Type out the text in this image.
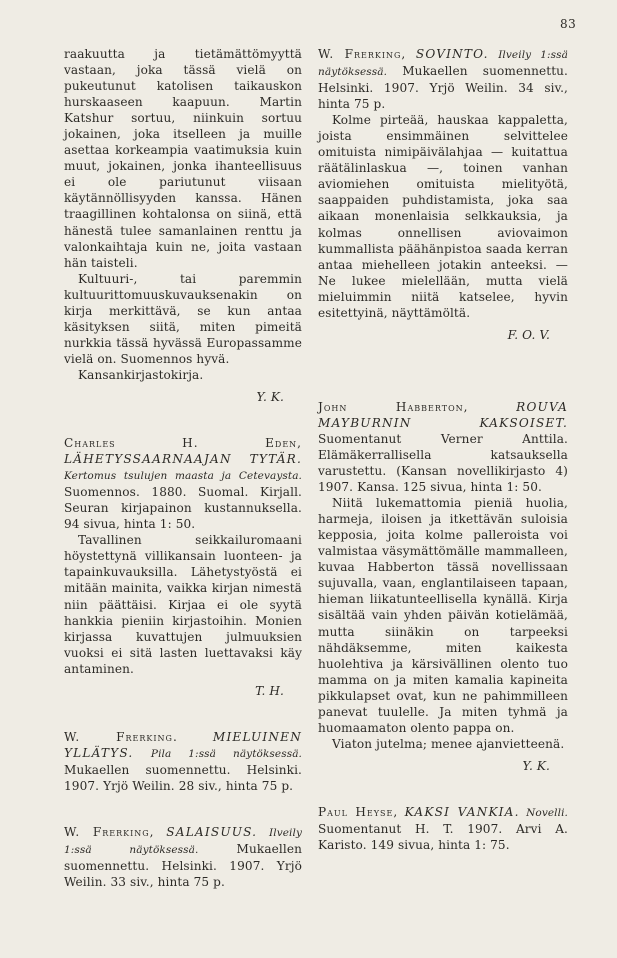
83

raakuutta ja tietämättömyyttä vastaan, joka tässä vielä on pukeutunut katolisen taikauskon hurskaaseen kaapuun. Martin Katshur sortuu, niinkuin sortuu jokainen, joka itselleen ja muille asettaa korkeampia vaatimuksia kuin muut, jokainen, jonka ihanteellisuus ei ole pariutunut viisaan käytännöllisyyden kanssa. Hänen traagillinen kohtalonsa on siinä, että hänestä tulee samanlainen renttu ja valonkaihtaja kuin ne, joita vastaan hän taisteli.

Kultuuri-, tai paremmin kultuurittomuuskuvauksenakin on kirja merkittävä, se kun antaa käsityksen siitä, miten pimeitä nurkkia tässä hyvässä Europassamme vielä on. Suomennos hyvä.

Kansankirjastokirja.

Y. K.

Charles H. Eden, LÄHETYSSAARNAAJAN TYTÄR. Kertomus tsulujen maasta ja Cetevaysta. Suomennos. 1880. Suomal. Kirjall. Seuran kirjapainon kustannuksella. 94 sivua, hinta 1: 50.

Tavallinen seikkailuromaani höystettynä villikansain luonteen- ja tapainkuvauksilla. Lähetystyöstä ei mitään mainita, vaikka kirjan nimestä niin päättäisi. Kirjaa ei ole syytä hankkia pieniin kirjastoihin. Monien kirjassa kuvattujen julmuuksien vuoksi ei sitä lasten luettavaksi käy antaminen.

T. H.

W. Frerking.	MIELUINEN YLLÄTYS. Pila 1:ssä näytöksessä. Mukaellen suomennettu. Helsinki. 1907. Yrjö Weilin. 28 siv., hinta 75 p.

W. Frerking, SALAISUUS. Ilveily 1:ssä näytöksessä.	Mukaellen suomennettu. Helsinki. 1907. Yrjö Weilin. 33 siv., hinta 75 p.

W. Frerking, SOVINTO. Ilveily 1:ssä näytöksessä. Mukaellen suomennettu. Helsinki. 1907. Yrjö Weilin. 34 siv., hinta 75 p.

Kolme pirteää, hauskaa kappaletta, joista ensimmäinen selvittelee omituista nimipäivälahjaa — kuitattua räätälinlaskua —, toinen vanhan aviomiehen omituista mielityötä, saappaiden puhdistamista, joka saa aikaan monenlaisia selkkauksia, ja kolmas onnellisen aviovaimon kummallista päähänpistoa saada kerran antaa miehelleen jotakin anteeksi. — Ne lukee mielellään, mutta vielä mieluimmin niitä katselee, hyvin esitettyinä, näyttämöltä.

F. O. V.

John Habberton,	ROUVA MAYBURNIN KAKSOISET. Suomentanut Verner Anttila. Elämäkerrallisella katsauksella varustettu. (Kansan novellikirjasto 4) 1907. Kansa. 125 sivua, hinta 1: 50.

Niitä lukemattomia pieniä huolia, harmeja, iloisen ja itkettävän suloisia kepposia, joita kolme palleroista voi valmistaa väsymättömälle mammalleen, kuvaa Habberton tässä novellissaan sujuvalla, vaan, englantilaiseen tapaan, hieman liikatunteellisella kynällä. Kirja sisältää vain yhden päivän kotielämää, mutta siinäkin on tarpeeksi nähdäksemme, miten kaikesta huolehtiva ja kärsivällinen olento tuo mamma on ja miten kamalia kapineita pikkulapset ovat, kun ne pahimmilleen panevat tuulelle. Ja miten tyhmä ja huomaamaton olento pappa on.

Viaton jutelma; menee ajanvietteenä.

Y. K.

Paul Heyse, KAKSI VANKIA. Novelli. Suomentanut H. T. 1907. Arvi A. Karisto. 149 sivua, hinta 1: 75.
